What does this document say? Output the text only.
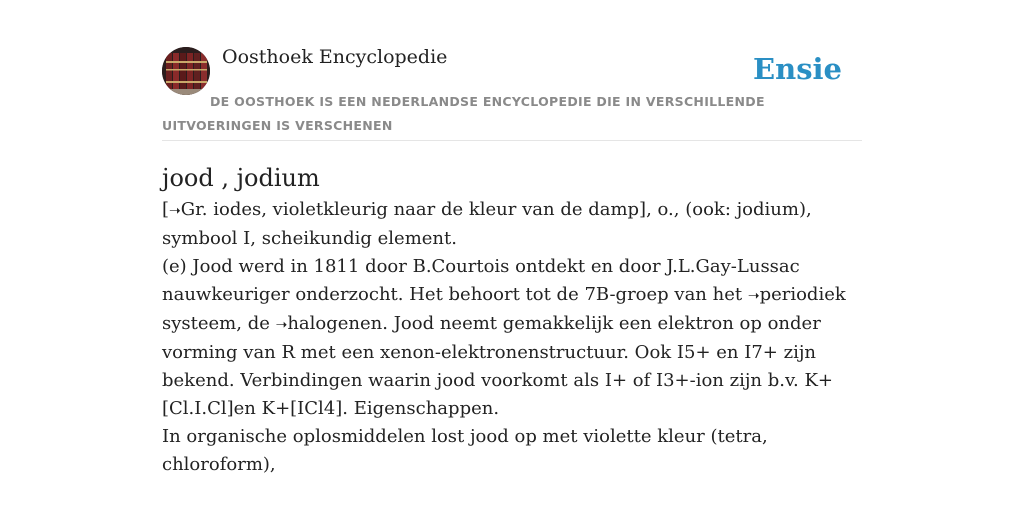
Oosthoek Encyclopedie	Ensie
DE OOSTHOEK IS EEN NEDERLANDSE ENCYCLOPEDIE DIE IN VERSCHILLENDE UITVOERINGEN IS VERSCHENEN
jood , jodium

[➝Gr. iodes, violetkleurig naar de kleur van de damp], o., (ook: jodium), symbool I, scheikundig element.

(e) Jood werd in 1811 door B.Courtois ontdekt en door J.L.Gay-Lussac nauwkeuriger onderzocht. Het behoort tot de 7B-groep van het ➝periodiek systeem, de ➝halogenen. Jood neemt gemakkelijk een elektron op onder vorming van R met een xenon-elektronenstructuur. Ook I5+ en I7+ zijn bekend. Verbindingen waarin jood voorkomt als I+ of I3+-ion zijn b.v. K+[Cl.I.Cl]en K+[ICl4]. Eigenschappen.

In organische oplosmiddelen lost jood op met violette kleur (tetra, chloroform),
